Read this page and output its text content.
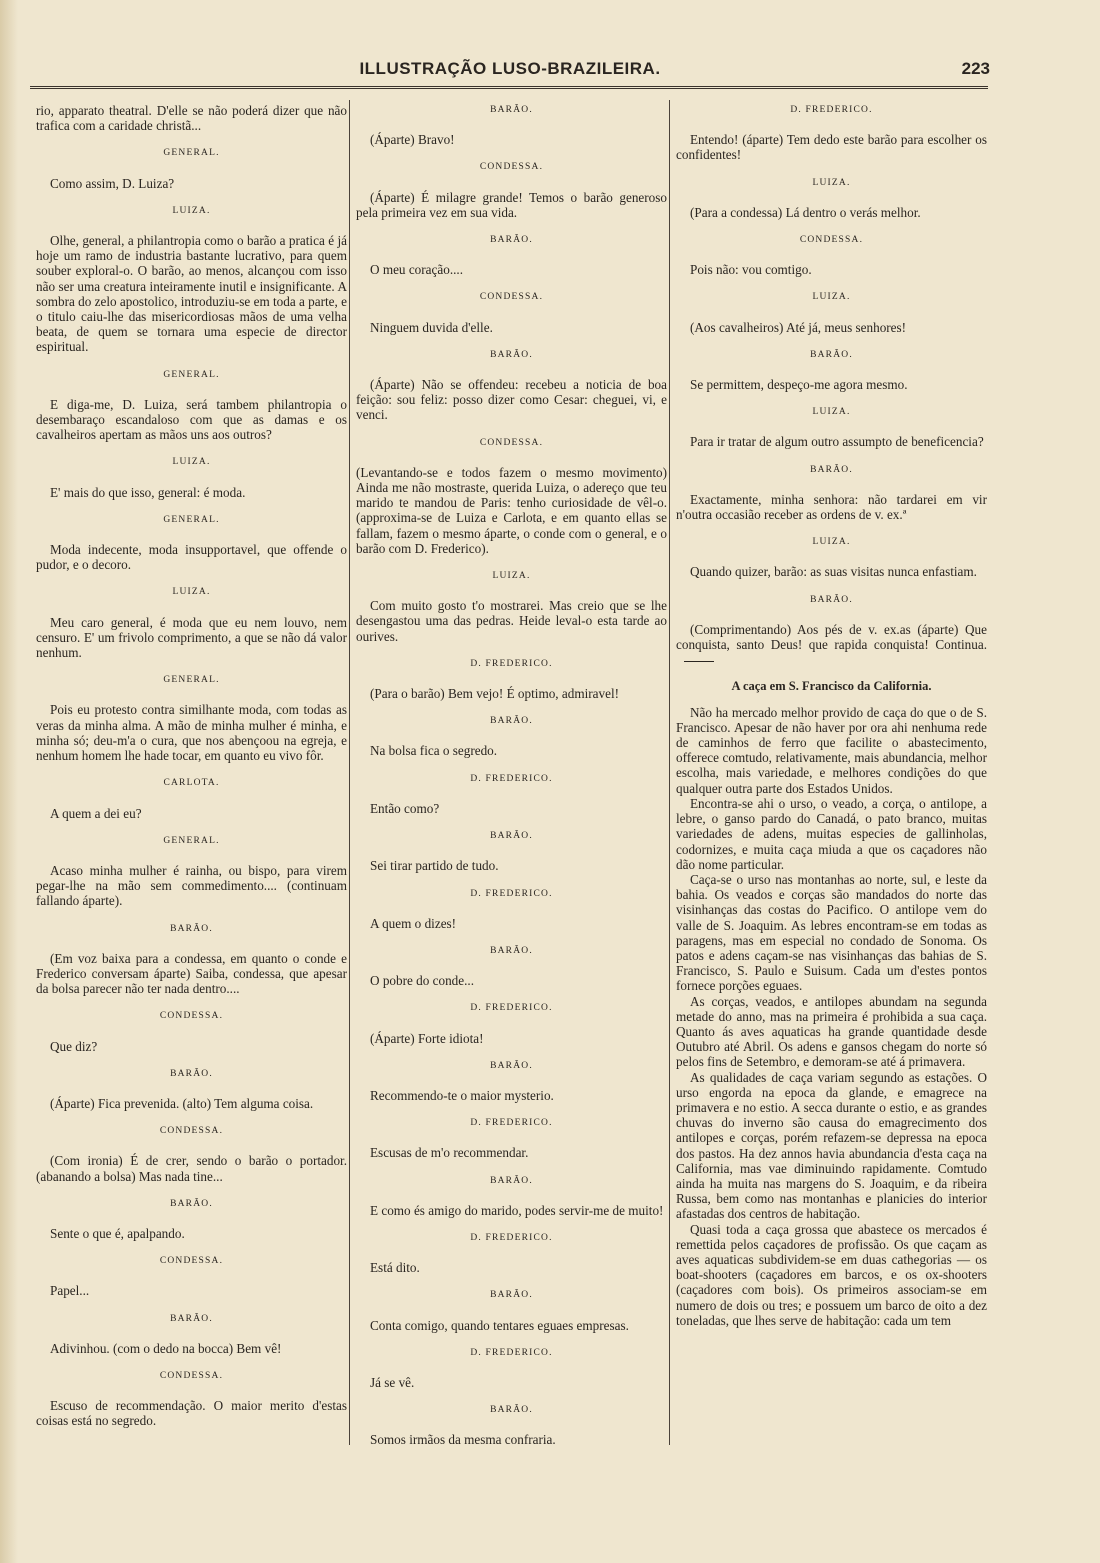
ILLUSTRAÇÃO LUSO-BRAZILEIRA.	223
rio, apparato theatral. D'elle se não poderá dizer que não trafica com a caridade christã...
GENERAL.
Como assim, D. Luiza?
LUIZA.
Olhe, general, a philantropia como o barão a pratica é já hoje um ramo de industria bastante lucrativo, para quem souber exploral-o. O barão, ao menos, alcançou com isso não ser uma creatura inteiramente inutil e insignificante. A sombra do zelo apostolico, introduziu-se em toda a parte, e o titulo caiu-lhe das misericordiosas mãos de uma velha beata, de quem se tornara uma especie de director espiritual.
GENERAL.
E diga-me, D. Luiza, será tambem philantropia o desembaraço escandaloso com que as damas e os cavalheiros apertam as mãos uns aos outros?
LUIZA.
E' mais do que isso, general: é moda.
GENERAL.
Moda indecente, moda insupportavel, que offende o pudor, e o decoro.
LUIZA.
Meu caro general, é moda que eu nem louvo, nem censuro. E' um frivolo comprimento, a que se não dá valor nenhum.
GENERAL.
Pois eu protesto contra similhante moda, com todas as veras da minha alma. A mão de minha mulher é minha, e minha só; deu-m'a o cura, que nos abençoou na egreja, e nenhum homem lhe hade tocar, em quanto eu vivo fôr.
CARLOTA.
A quem a dei eu?
GENERAL.
Acaso minha mulher é rainha, ou bispo, para virem pegar-lhe na mão sem commedimento.... (continuam fallando ápartе).
BARÃO.
(Em voz baixa para a condessa, em quanto o conde e Frederico conversam ápartе) Saiba, condessa, que apesar da bolsa parecer não ter nada dentro....
CONDESSA.
Que diz?
BARÃO.
(Áparte) Fica prevenida. (alto) Tem alguma coisa.
CONDESSA.
(Com ironia) É de crer, sendo o barão o portador. (abanando a bolsa) Mas nada tine...
BARÃO.
Sente o que é, apalpando.
CONDESSA.
Papel...
BARÃO.
Adivinhou. (com o dedo na bocca) Bem vê!
CONDESSA.
Escuso de recommendação. O maior merito d'estas coisas está no segredo.
BARÃO.
(Áparte) Bravo!
CONDESSA.
(Áparte) É milagre grande! Temos o barão generoso pela primeira vez em sua vida.
BARÃO.
O meu coração....
CONDESSA.
Ninguem duvida d'elle.
BARÃO.
(Áparte) Não se offendeu: recebeu a noticia de boa feição: sou feliz: posso dizer como Cesar: cheguei, vi, e venci.
CONDESSA.
(Levantando-se e todos fazem o mesmo movimento) Ainda me não mostraste, querida Luiza, o adereço que teu marido te mandou de Paris: tenho curiosidade de vêl-o. (approxima-se de Luiza e Carlota, e em quanto ellas se fallam, fazem o mesmo áparte, o conde com o general, e o barão com D. Frederico).
LUIZA.
Com muito gosto t'o mostrarei. Mas creio que se lhe desengastou uma das pedras. Heide leval-o esta tarde ao ourives.
D. FREDERICO.
(Para o barão) Bem vejo! É optimo, admiravel!
BARÃO.
Na bolsa fica o segredo.
D. FREDERICO.
Então como?
BARÃO.
Sei tirar partido de tudo.
D. FREDERICO.
A quem o dizes!
BARÃO.
O pobre do conde...
D. FREDERICO.
(Áparte) Forte idiota!
BARÃO.
Recommendo-te o maior mysterio.
D. FREDERICO.
Escusas de m'o recommendar.
BARÃO.
E como és amigo do marido, podes servir-me de muito!
D. FREDERICO.
Está dito.
BARÃO.
Conta comigo, quando tentares eguaes empresas.
D. FREDERICO.
Já se vê.
BARÃO.
Somos irmãos da mesma confraria.
D. FREDERICO.
Entendo! (áparte) Tem dedo este barão para escolher os confidentes!
LUIZA.
(Para a condessa) Lá dentro o verás melhor.
CONDESSA.
Pois não: vou comtigo.
LUIZA.
(Aos cavalheiros) Até já, meus senhores!
BARÃO.
Se permittem, despeço-me agora mesmo.
LUIZA.
Para ir tratar de algum outro assumpto de beneficencia?
BARÃO.
Exactamente, minha senhora: não tardarei em vir n'outra occasião receber as ordens de v. ex.ª
LUIZA.
Quando quizer, barão: as suas visitas nunca enfastiam.
BARÃO.
(Comprimentando) Aos pés de v. ex.as (áparte) Que conquista, santo Deus! que rapida conquista! Continua.
A caça em S. Francisco da California.
Não ha mercado melhor provido de caça do que o de S. Francisco. Apesar de não haver por ora ahi nenhuma rede de caminhos de ferro que facilite o abastecimento, offerece comtudo, relativamente, mais abundancia, melhor escolha, mais variedade, e melhores condições do que qualquer outra parte dos Estados Unidos.
Encontra-se ahi o urso, o veado, a corça, o antilope, a lebre, o ganso pardo do Canadá, o pato branco, muitas variedades de adens, muitas especies de gallinholas, codornizes, e muita caça miuda a que os caçadores não dão nome particular.
Caça-se o urso nas montanhas ao norte, sul, e leste da bahia. Os veados e corças são mandados do norte das visinhanças das costas do Pacifico. O antilope vem do valle de S. Joaquim. As lebres encontram-se em todas as paragens, mas em especial no condado de Sonoma. Os patos e adens caçam-se nas visinhanças das bahias de S. Francisco, S. Paulo e Suisum. Cada um d'estes pontos fornece porções eguaes.
As corças, veados, e antilopes abundam na segunda metade do anno, mas na primeira é prohibida a sua caça. Quanto ás aves aquaticas ha grande quantidade desde Outubro até Abril. Os adens e gansos chegam do norte só pelos fins de Setembro, e demoram-se até á primavera.
As qualidades de caça variam segundo as estações. O urso engorda na epoca da glande, e emagrece na primavera e no estio. A secca durante o estio, e as grandes chuvas do inverno são causa do emagrecimento dos antilopes e corças, porém refazem-se depressa na epoca dos pastos. Ha dez annos havia abundancia d'esta caça na California, mas vae diminuindo rapidamente. Comtudo ainda ha muita nas margens do S. Joaquim, e da ribeira Russa, bem como nas montanhas e planicies do interior afastadas dos centros de habitação.
Quasi toda a caça grossa que abastece os mercados é remettida pelos caçadores de profissão. Os que caçam as aves aquaticas subdividem-se em duas cathegorias — os boat-shooters (caçadores em barcos, e os ox-shooters (caçadores com bois). Os primeiros associam-se em numero de dois ou tres; e possuem um barco de oito a dez toneladas, que lhes serve de habitação: cada um tem
